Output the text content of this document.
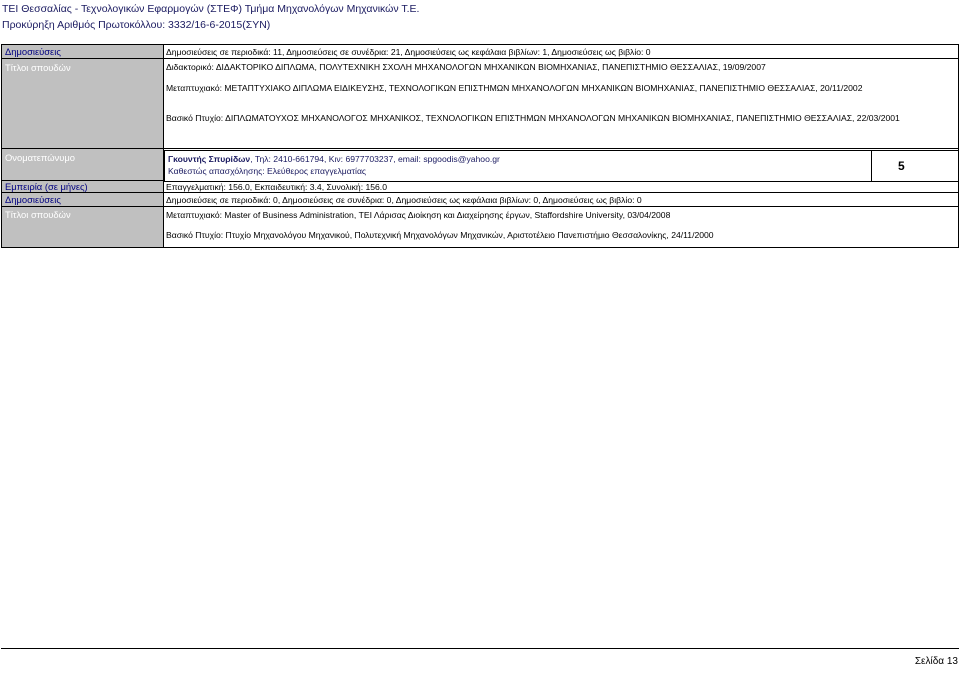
ΤΕΙ Θεσσαλίας - Τεχνολογικών Εφαρμογών (ΣΤΕΦ) Τμήμα Μηχανολόγων Μηχανικών Τ.Ε.
Προκύρηξη Αριθμός Πρωτοκόλλου: 3332/16-6-2015(ΣΥΝ)
Δημοσιεύσεις
Τίτλοι σπουδών
Ονοματεπώνυμο
Εμπειρία (σε μήνες)
Δημοσιεύσεις
Τίτλοι σπουδών
Δημοσιεύσεις σε περιοδικά: 11, Δημοσιεύσεις σε συνέδρια: 21, Δημοσιεύσεις ως κεφάλαια βιβλίων: 1, Δημοσιεύσεις ως βιβλίο: 0
Διδακτορικό: ΔΙΔΑΚΤΟΡΙΚΟ ΔΙΠΛΩΜΑ, ΠΟΛΥΤΕΧΝΙΚΗ ΣΧΟΛΗ ΜΗΧΑΝΟΛΟΓΩΝ ΜΗΧΑΝΙΚΩΝ ΒΙΟΜΗΧΑΝΙΑΣ, ΠΑΝΕΠΙΣΤΗΜΙΟ ΘΕΣΣΑΛΙΑΣ, 19/09/2007
Μεταπτυχιακό: ΜΕΤΑΠΤΥΧΙΑΚΟ ΔΙΠΛΩΜΑ ΕΙΔΙΚΕΥΣΗΣ, ΤΕΧΝΟΛΟΓΙΚΩΝ ΕΠΙΣΤΗΜΩΝ ΜΗΧΑΝΟΛΟΓΩΝ ΜΗΧΑΝΙΚΩΝ ΒΙΟΜΗΧΑΝΙΑΣ, ΠΑΝΕΠΙΣΤΗΜΙΟ ΘΕΣΣΑΛΙΑΣ, 20/11/2002
Βασικό Πτυχίο: ΔΙΠΛΩΜΑΤΟΥΧΟΣ ΜΗΧΑΝΟΛΟΓΟΣ ΜΗΧΑΝΙΚΟΣ, ΤΕΧΝΟΛΟΓΙΚΩΝ ΕΠΙΣΤΗΜΩΝ ΜΗΧΑΝΟΛΟΓΩΝ ΜΗΧΑΝΙΚΩΝ ΒΙΟΜΗΧΑΝΙΑΣ, ΠΑΝΕΠΙΣΤΗΜΙΟ ΘΕΣΣΑΛΙΑΣ, 22/03/2001
Γκουντής Σπυρίδων, Τηλ: 2410-661794, Κιν: 6977703237, email: spgoodis@yahoo.gr
Καθεστώς απασχόλησης: Ελεύθερος επαγγελματίας	5
Επαγγελματική: 156.0, Εκπαιδευτική: 3.4, Συνολική: 156.0
Δημοσιεύσεις σε περιοδικά: 0, Δημοσιεύσεις σε συνέδρια: 0, Δημοσιεύσεις ως κεφάλαια βιβλίων: 0, Δημοσιεύσεις ως βιβλίο: 0
Μεταπτυχιακό: Master of Business Administration, ΤΕΙ Λάρισας Διοίκηση και Διαχείρησης έργων, Staffordshire University, 03/04/2008
Βασικό Πτυχίο: Πτυχίο Μηχανολόγου Μηχανικού, Πολυτεχνική Μηχανολόγων Μηχανικών, Αριστοτέλειο Πανεπιστήμιο Θεσσαλονίκης, 24/11/2000
Σελίδα 13
